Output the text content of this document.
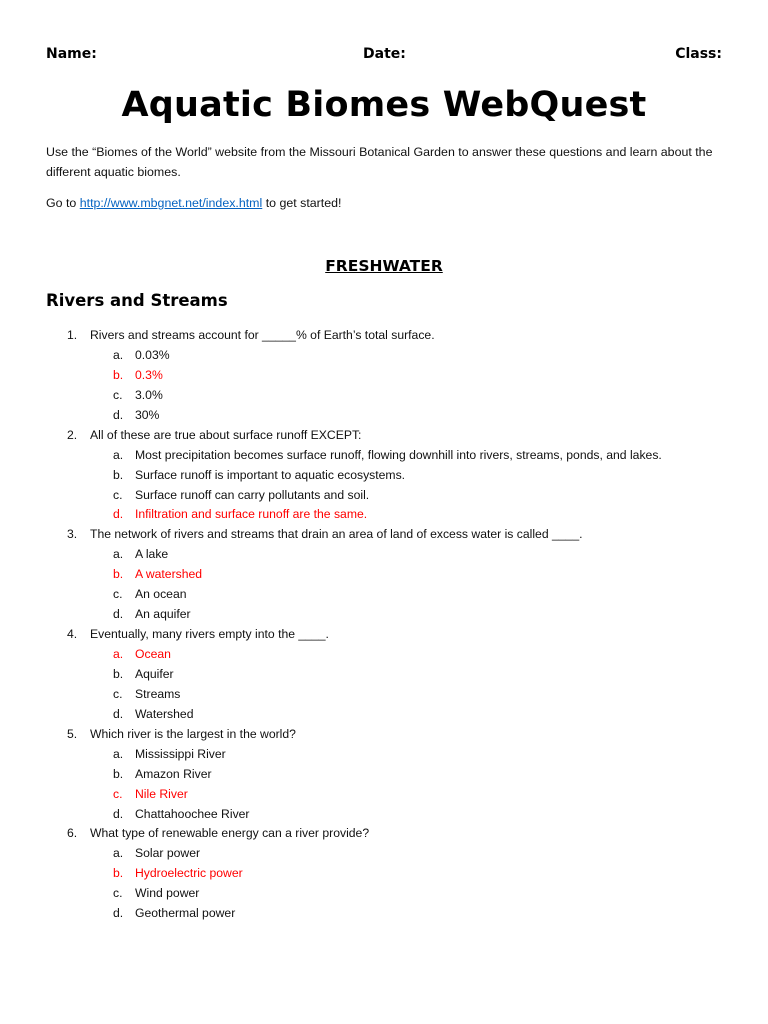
Name:	Date:	Class:
Aquatic Biomes WebQuest
Use the “Biomes of the World” website from the Missouri Botanical Garden to answer these questions and learn about the different aquatic biomes.
Go to http://www.mbgnet.net/index.html to get started!
FRESHWATER
Rivers and Streams
1. Rivers and streams account for _____% of Earth’s total surface.
a. 0.03%
b. 0.3%
c. 3.0%
d. 30%
2. All of these are true about surface runoff EXCEPT:
a. Most precipitation becomes surface runoff, flowing downhill into rivers, streams, ponds, and lakes.
b. Surface runoff is important to aquatic ecosystems.
c. Surface runoff can carry pollutants and soil.
d. Infiltration and surface runoff are the same.
3. The network of rivers and streams that drain an area of land of excess water is called ____.
a. A lake
b. A watershed
c. An ocean
d. An aquifer
4. Eventually, many rivers empty into the ____.
a. Ocean
b. Aquifer
c. Streams
d. Watershed
5. Which river is the largest in the world?
a. Mississippi River
b. Amazon River
c. Nile River
d. Chattahoochee River
6. What type of renewable energy can a river provide?
a. Solar power
b. Hydroelectric power
c. Wind power
d. Geothermal power
